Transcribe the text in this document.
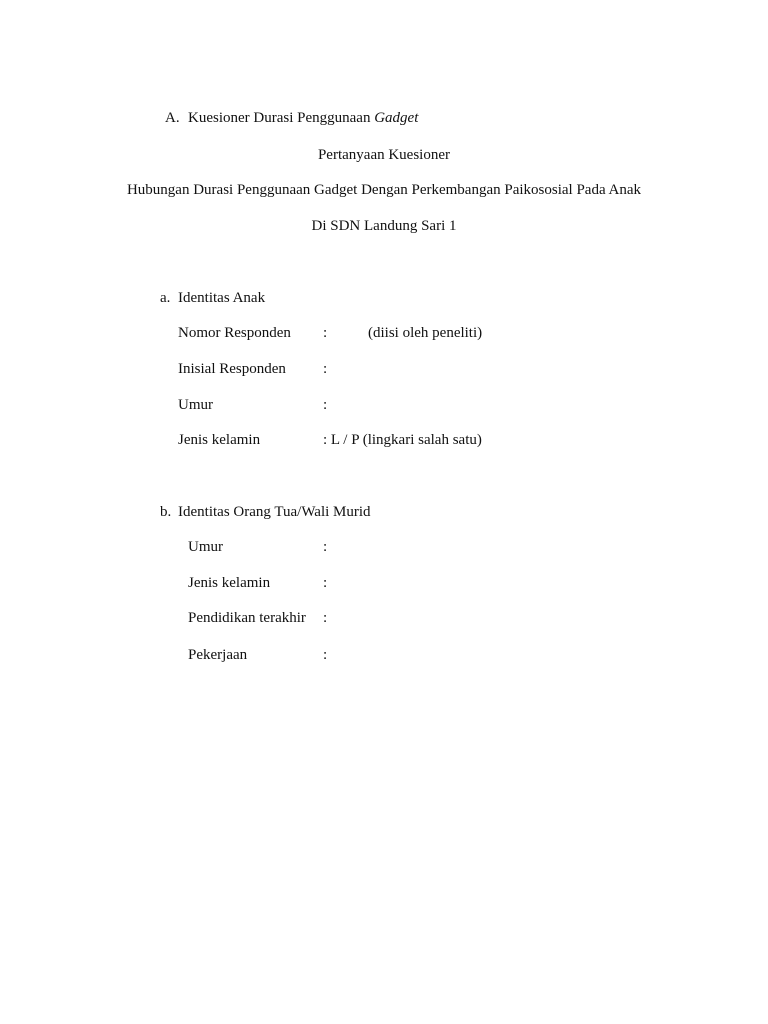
A. Kuesioner Durasi Penggunaan Gadget
Pertanyaan Kuesioner
Hubungan Durasi Penggunaan Gadget Dengan Perkembangan Paikososial Pada Anak
Di SDN Landung Sari 1
a. Identitas Anak
Nomor Responden :	(diisi oleh peneliti)
Inisial Responden :
Umur	:
Jenis kelamin	: L / P (lingkari salah satu)
b. Identitas Orang Tua/Wali Murid
Umur	:
Jenis kelamin	:
Pendidikan terakhir :
Pekerjaan	:
